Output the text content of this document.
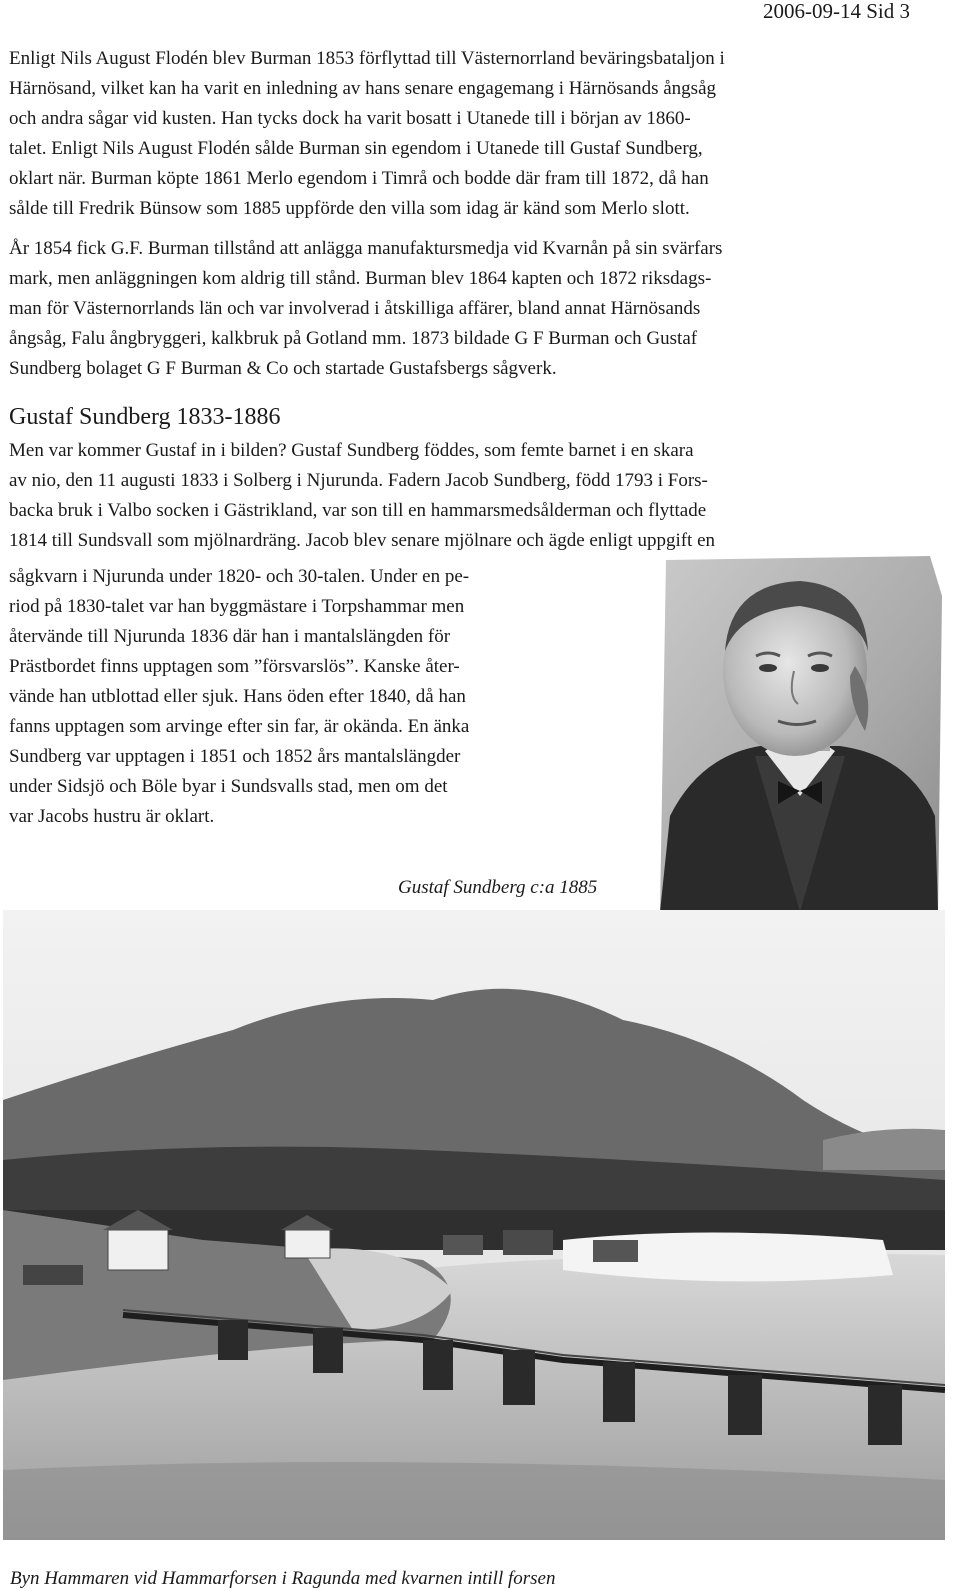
2006-09-14 Sid 3
Enligt Nils August Flodén blev Burman 1853 förflyttad till Västernorrland beväringsbataljon i
Härnösand, vilket kan ha varit en inledning av hans senare engagemang i Härnösands ångsåg
och andra sågar vid kusten. Han tycks dock ha varit bosatt i Utanede till i början av 1860-
talet. Enligt Nils August Flodén sålde Burman sin egendom i Utanede till Gustaf Sundberg,
oklart när. Burman köpte 1861 Merlo egendom i Timrå och bodde där fram till 1872, då han
sålde till Fredrik Bünsow som 1885 uppförde den villa som idag är känd som Merlo slott.
År 1854 fick G.F. Burman tillstånd att anlägga manufaktursmedja vid Kvarnån på sin svärfars
mark, men anläggningen kom aldrig till stånd. Burman blev 1864 kapten och 1872 riksdags-
man för Västernorrlands län och var involverad i åtskilliga affärer, bland annat Härnösands
ångsåg, Falu ångbryggeri, kalkbruk på Gotland mm. 1873 bildade G F Burman och Gustaf
Sundberg bolaget G F Burman & Co och startade Gustafsbergs sågverk.
Gustaf Sundberg 1833-1886
Men var kommer Gustaf in i bilden? Gustaf Sundberg föddes, som femte barnet i en skara
av nio, den 11 augusti 1833 i Solberg i Njurunda. Fadern Jacob Sundberg, född 1793 i Fors-
backa bruk i Valbo socken i Gästrikland, var son till en hammarsmedsålderman och flyttade
1814 till Sundsvall som mjölnardräng. Jacob blev senare mjölnare och ägde enligt uppgift en
sågkvarn i Njurunda under 1820- och 30-talen. Under en pe-
riod på 1830-talet var han byggmästare i Torpshammar men
återvände till Njurunda 1836 där han i mantalslängden för
Prästbordet finns upptagen som ”försvarslös”. Kanske åter-
vände han utblottad eller sjuk. Hans öden efter 1840, då han
fanns upptagen som arvinge efter sin far, är okända. En änka
Sundberg var upptagen i 1851 och 1852 års mantalslängder
under Sidsjö och Böle byar i Sundsvalls stad, men om det
var Jacobs hustru är oklart.
Gustaf Sundberg c:a 1885
Byn Hammaren vid Hammarforsen i Ragunda med kvarnen intill forsen
